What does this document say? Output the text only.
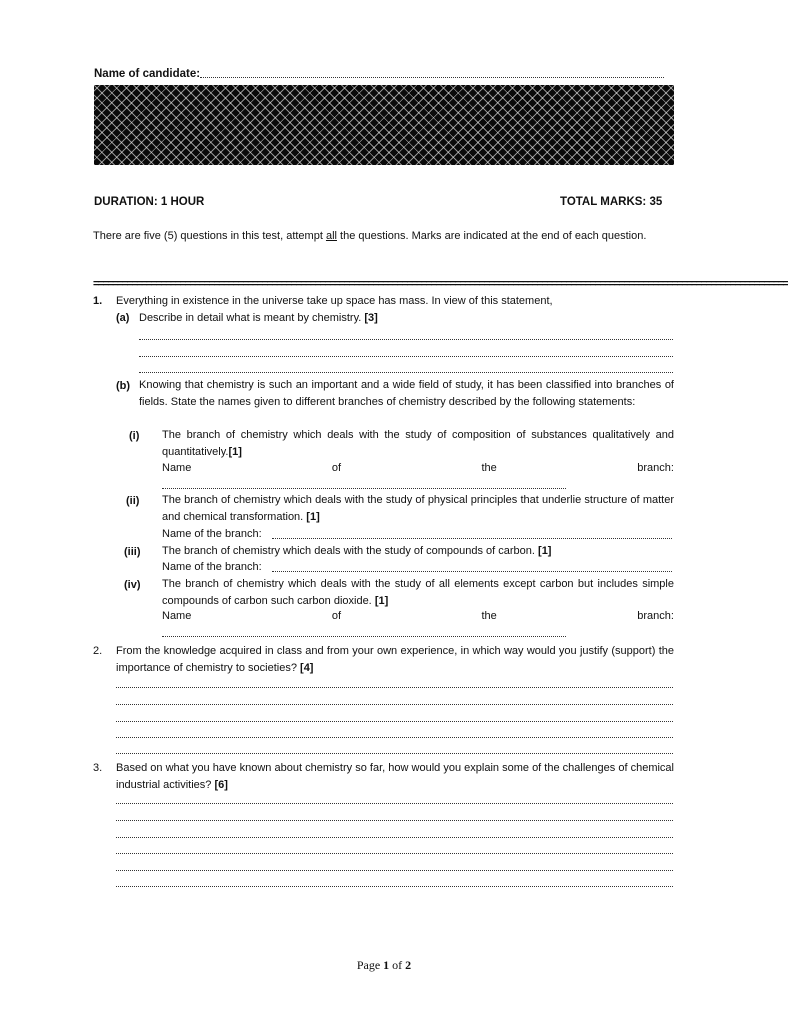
Name of candidate:
DURATION: 1 HOUR	TOTAL MARKS: 35
There are five (5) questions in this test, attempt all the questions. Marks are indicated at the end of each question.
================================================================================================================================================
1. Everything in existence in the universe take up space has mass. In view of this statement,
(a) Describe in detail what is meant by chemistry. [3]
(b) Knowing that chemistry is such an important and a wide field of study, it has been classified into branches of fields. State the names given to different branches of chemistry described by the following statements:
(i) The branch of chemistry which deals with the study of composition of substances qualitatively and quantitatively.[1]
Name	of	the	branch:
(ii) The branch of chemistry which deals with the study of physical principles that underlie structure of matter and chemical transformation. [1]
Name of the branch:
(iii) The branch of chemistry which deals with the study of compounds of carbon. [1]
Name of the branch:
(iv) The branch of chemistry which deals with the study of all elements except carbon but includes simple compounds of carbon such carbon dioxide. [1]
Name	of	the	branch:
2. From the knowledge acquired in class and from your own experience, in which way would you justify (support) the importance of chemistry to societies? [4]
3. Based on what you have known about chemistry so far, how would you explain some of the challenges of chemical industrial activities? [6]
Page 1 of 2
